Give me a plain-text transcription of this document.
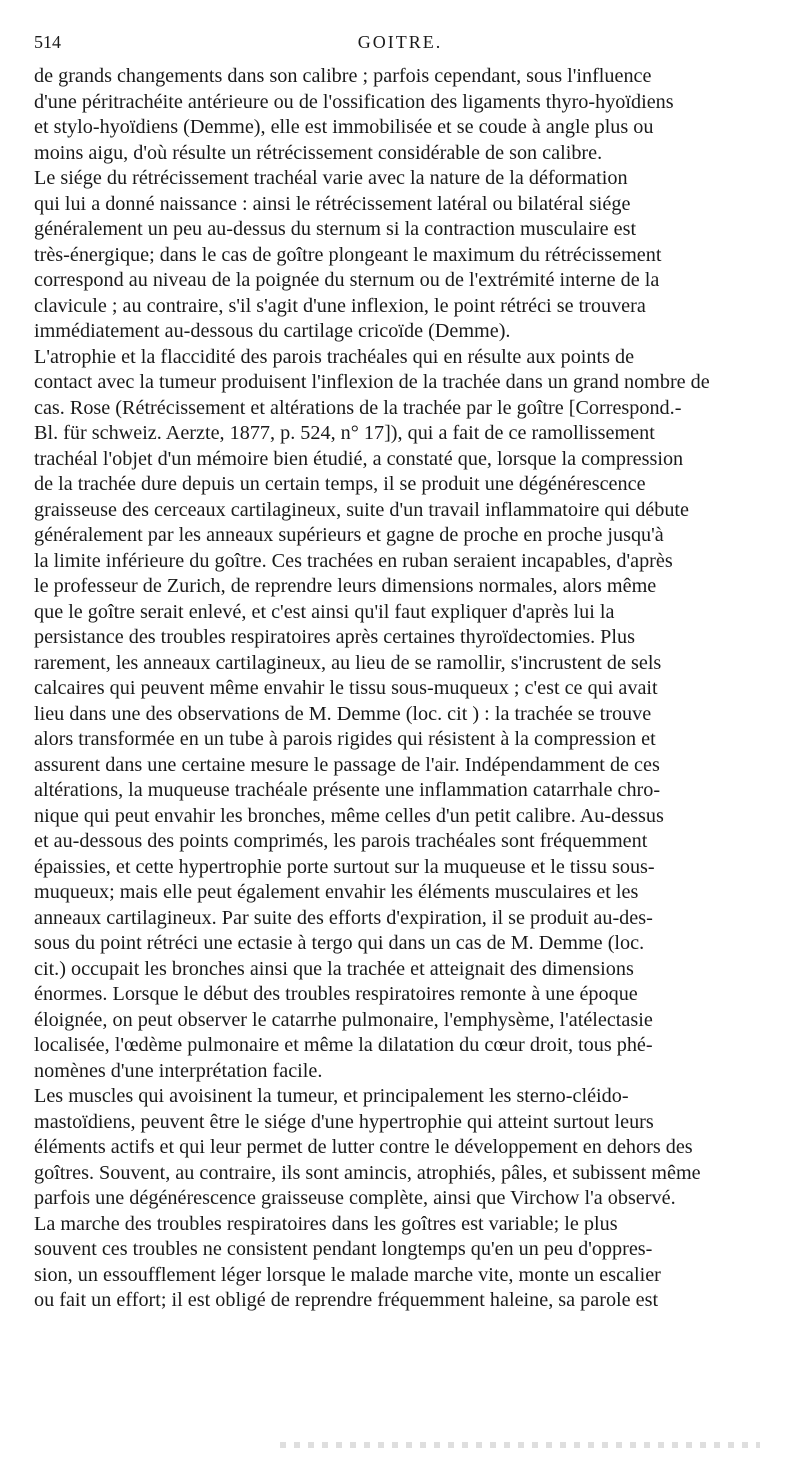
514	GOITRE.

de grands changements dans son calibre ; parfois cependant, sous l'influence
d'une péritrachéite antérieure ou de l'ossification des ligaments thyro-hyoïdiens
et stylo-hyoïdiens (Demme), elle est immobilisée et se coude à angle plus ou
moins aigu, d'où résulte un rétrécissement considérable de son calibre.

Le siége du rétrécissement trachéal varie avec la nature de la déformation
qui lui a donné naissance : ainsi le rétrécissement latéral ou bilatéral siége
généralement un peu au-dessus du sternum si la contraction musculaire est
très-énergique; dans le cas de goître plongeant le maximum du rétrécissement
correspond au niveau de la poignée du sternum ou de l'extrémité interne de la
clavicule ; au contraire, s'il s'agit d'une inflexion, le point rétréci se trouvera
immédiatement au-dessous du cartilage cricoïde (Demme).

L'atrophie et la flaccidité des parois trachéales qui en résulte aux points de
contact avec la tumeur produisent l'inflexion de la trachée dans un grand nombre de
cas. Rose (Rétrécissement et altérations de la trachée par le goître [Correspond.-
Bl. für schweiz. Aerzte, 1877, p. 524, n° 17]), qui a fait de ce ramollissement
trachéal l'objet d'un mémoire bien étudié, a constaté que, lorsque la compression
de la trachée dure depuis un certain temps, il se produit une dégénérescence
graisseuse des cerceaux cartilagineux, suite d'un travail inflammatoire qui débute
généralement par les anneaux supérieurs et gagne de proche en proche jusqu'à
la limite inférieure du goître. Ces trachées en ruban seraient incapables, d'après
le professeur de Zurich, de reprendre leurs dimensions normales, alors même
que le goître serait enlevé, et c'est ainsi qu'il faut expliquer d'après lui la
persistance des troubles respiratoires après certaines thyroïdectomies. Plus
rarement, les anneaux cartilagineux, au lieu de se ramollir, s'incrustent de sels
calcaires qui peuvent même envahir le tissu sous-muqueux ; c'est ce qui avait
lieu dans une des observations de M. Demme (loc. cit ) : la trachée se trouve
alors transformée en un tube à parois rigides qui résistent à la compression et
assurent dans une certaine mesure le passage de l'air. Indépendamment de ces
altérations, la muqueuse trachéale présente une inflammation catarrhale chro-
nique qui peut envahir les bronches, même celles d'un petit calibre. Au-dessus
et au-dessous des points comprimés, les parois trachéales sont fréquemment
épaissies, et cette hypertrophie porte surtout sur la muqueuse et le tissu sous-
muqueux; mais elle peut également envahir les éléments musculaires et les
anneaux cartilagineux. Par suite des efforts d'expiration, il se produit au-des-
sous du point rétréci une ectasie à tergo qui dans un cas de M. Demme (loc.
cit.) occupait les bronches ainsi que la trachée et atteignait des dimensions
énormes. Lorsque le début des troubles respiratoires remonte à une époque
éloignée, on peut observer le catarrhe pulmonaire, l'emphysème, l'atélectasie
localisée, l'œdème pulmonaire et même la dilatation du cœur droit, tous phé-
nomènes d'une interprétation facile.

Les muscles qui avoisinent la tumeur, et principalement les sterno-cléido-
mastoïdiens, peuvent être le siége d'une hypertrophie qui atteint surtout leurs
éléments actifs et qui leur permet de lutter contre le développement en dehors des
goîtres. Souvent, au contraire, ils sont amincis, atrophiés, pâles, et subissent même
parfois une dégénérescence graisseuse complète, ainsi que Virchow l'a observé.

La marche des troubles respiratoires dans les goîtres est variable; le plus
souvent ces troubles ne consistent pendant longtemps qu'en un peu d'oppres-
sion, un essoufflement léger lorsque le malade marche vite, monte un escalier
ou fait un effort; il est obligé de reprendre fréquemment haleine, sa parole est
